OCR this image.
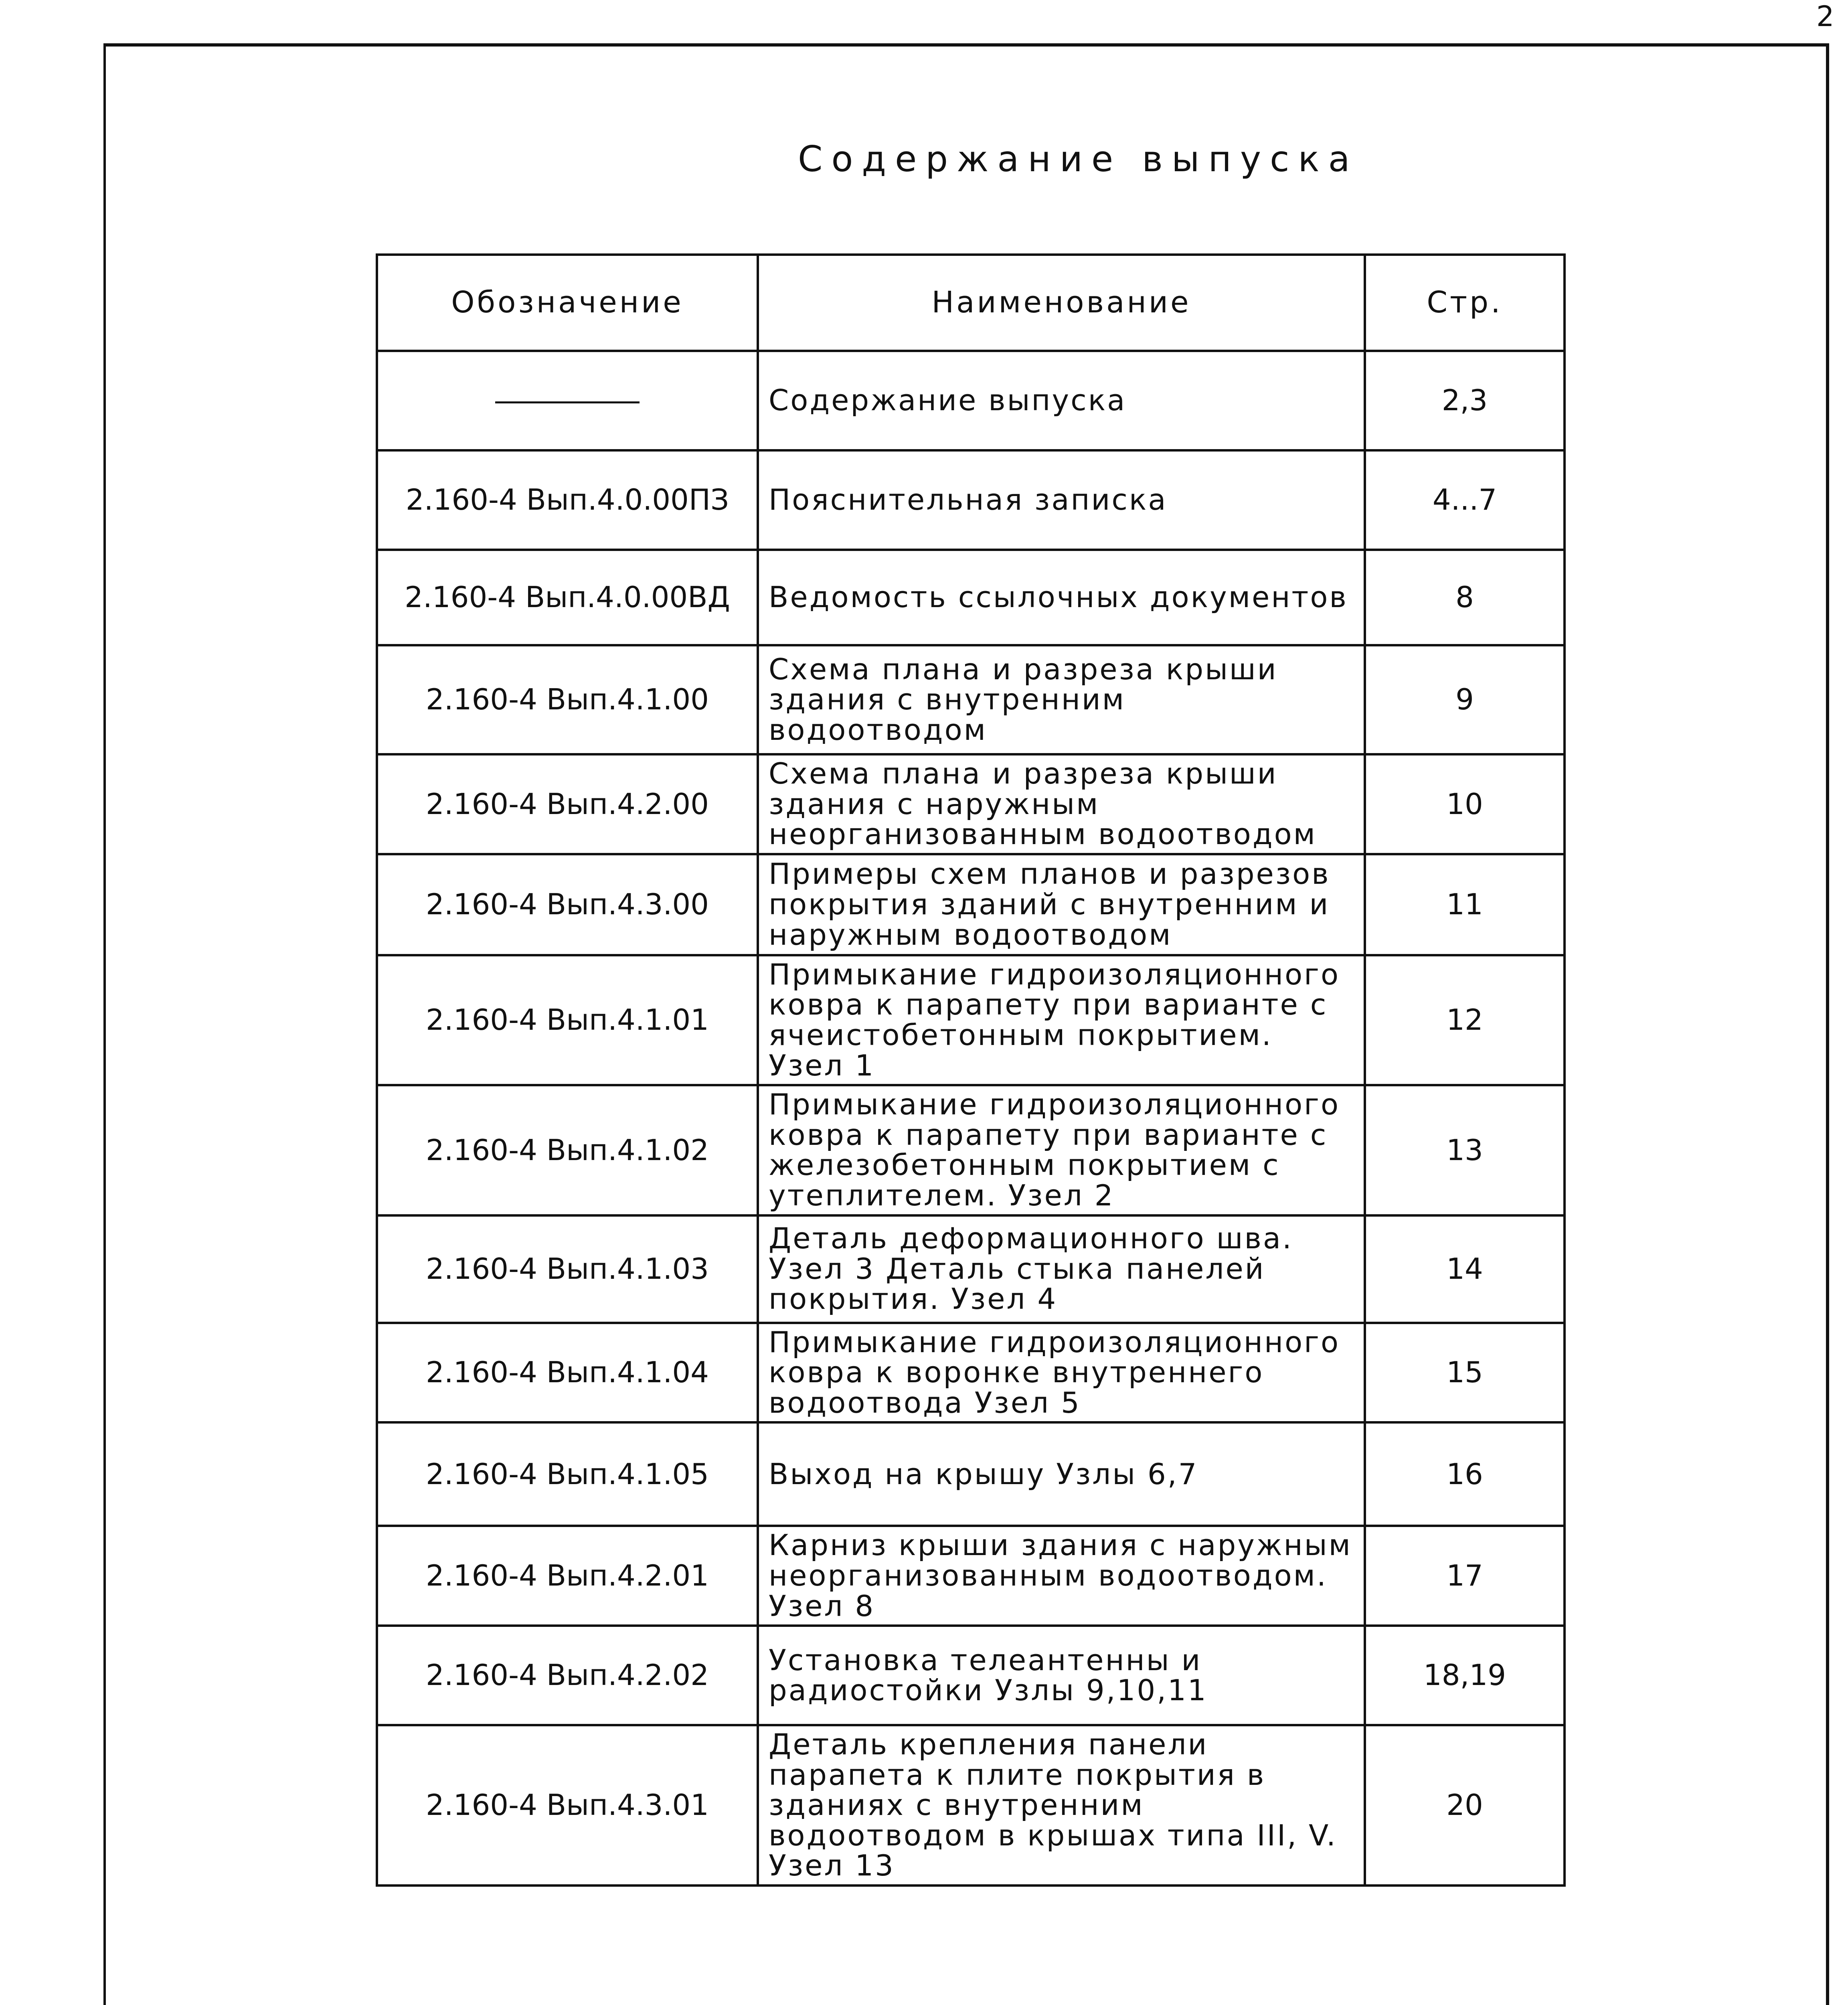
2
Содержание выпуска
Обозначение	Наименование	Стр.
	Содержание выпуска	2,3
2.160-4 Вып.4.0.00ПЗ	Пояснительная записка	4...7
2.160-4 Вып.4.0.00ВД	Ведомость ссылочных документов	8
2.160-4 Вып.4.1.00	Схема плана и разреза крыши здания с внутренним водоотводом	9
2.160-4 Вып.4.2.00	Схема плана и разреза крыши здания с наружным неорганизованным водоотводом	10
2.160-4 Вып.4.3.00	Примеры схем планов и разрезов покрытия зданий с внутренним и наружным водоотводом	11
2.160-4 Вып.4.1.01	Примыкание гидроизоляционного ковра к парапету при варианте с ячеистобетонным покрытием. Узел 1	12
2.160-4 Вып.4.1.02	Примыкание гидроизоляционного ковра к парапету при варианте с железобетонным покрытием с утеплителем. Узел 2	13
2.160-4 Вып.4.1.03	Деталь деформационного шва. Узел 3 Деталь стыка панелей покрытия. Узел 4	14
2.160-4 Вып.4.1.04	Примыкание гидроизоляционного ковра к воронке внутреннего водоотвода Узел 5	15
2.160-4 Вып.4.1.05	Выход на крышу Узлы 6,7	16
2.160-4 Вып.4.2.01	Карниз крыши здания с наружным неорганизованным водоотводом. Узел 8	17
2.160-4 Вып.4.2.02	Установка телеантенны и радиостойки Узлы 9,10,11	18,19
2.160-4 Вып.4.3.01	Деталь крепления панели парапета к плите покрытия в зданиях с внутренним водоотводом в крышах типа III, V. Узел 13	20
